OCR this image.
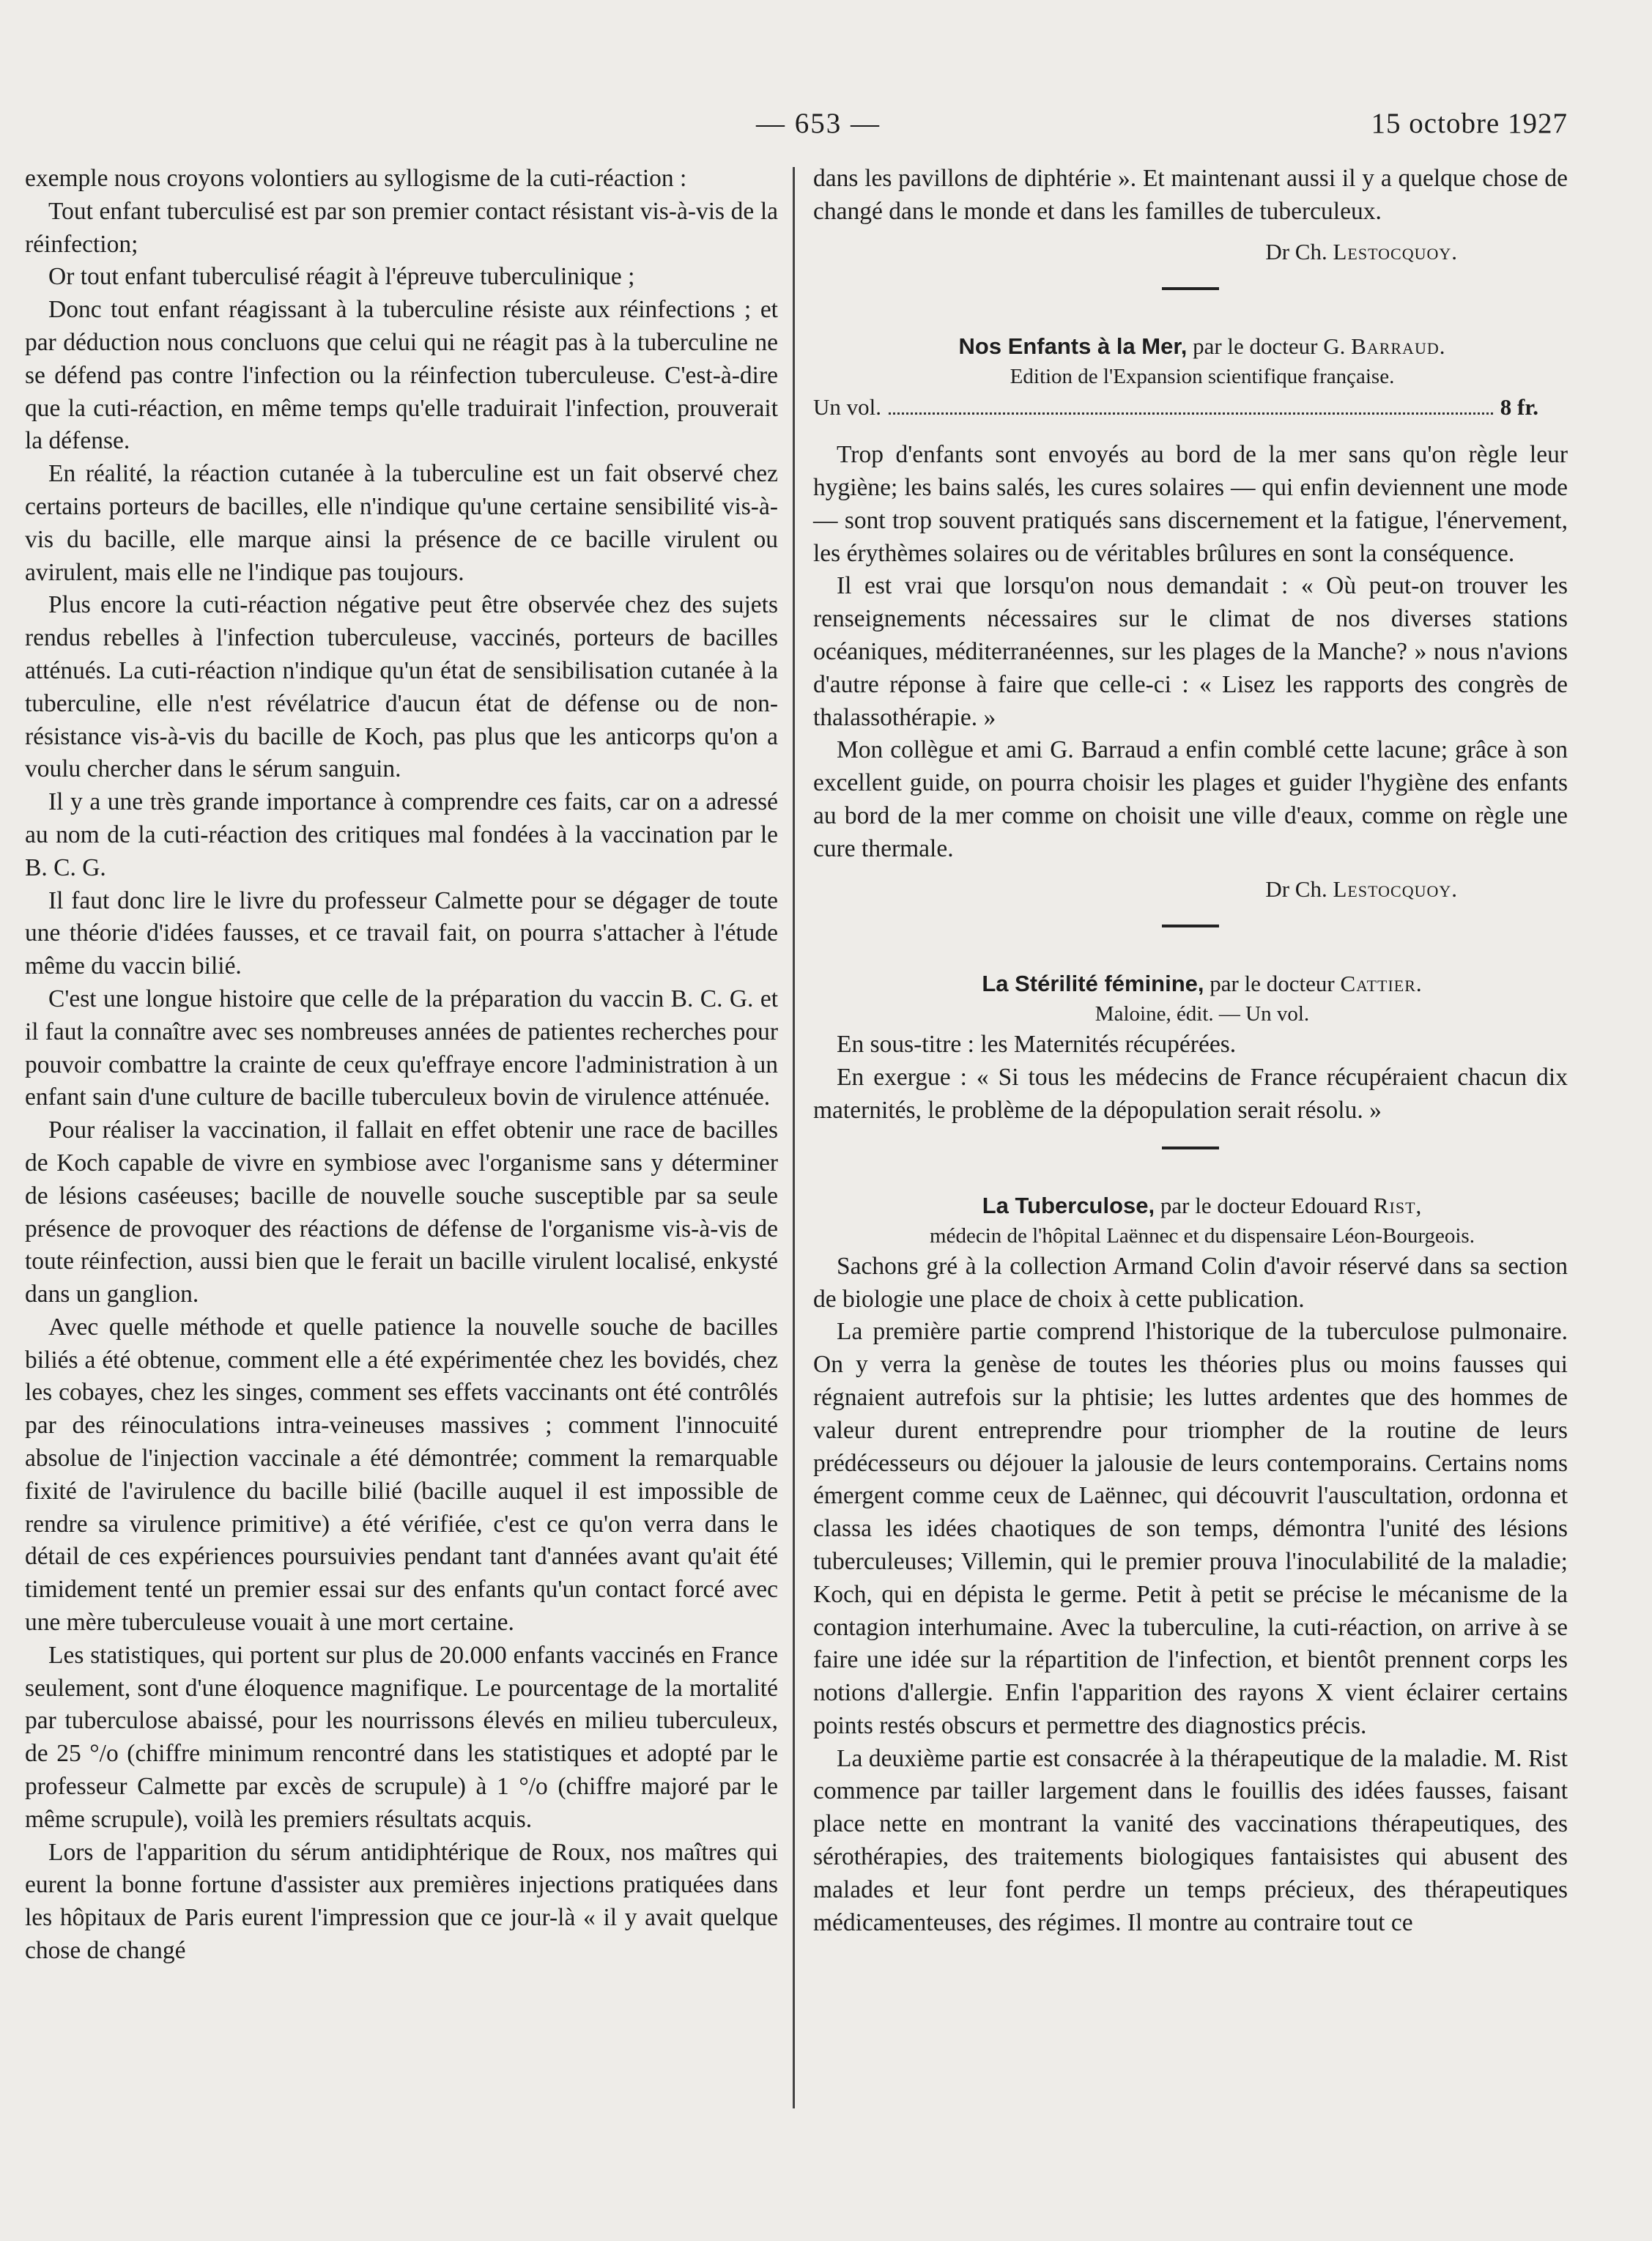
— 653 —	15 octobre 1927

exemple nous croyons volontiers au syllogisme de la cuti-réaction :

Tout enfant tuberculisé est par son premier contact résistant vis-à-vis de la réinfection;

Or tout enfant tuberculisé réagit à l'épreuve tuberculinique ;

Donc tout enfant réagissant à la tuberculine résiste aux réinfections ; et par déduction nous concluons que celui qui ne réagit pas à la tuberculine ne se défend pas contre l'infection ou la réinfection tuberculeuse. C'est-à-dire que la cuti-réaction, en même temps qu'elle traduirait l'infection, prouverait la défense.

En réalité, la réaction cutanée à la tuberculine est un fait observé chez certains porteurs de bacilles, elle n'indique qu'une certaine sensibilité vis-à-vis du bacille, elle marque ainsi la présence de ce bacille virulent ou avirulent, mais elle ne l'indique pas toujours.

Plus encore la cuti-réaction négative peut être observée chez des sujets rendus rebelles à l'infection tuberculeuse, vaccinés, porteurs de bacilles atténués. La cuti-réaction n'indique qu'un état de sensibilisation cutanée à la tuberculine, elle n'est révélatrice d'aucun état de défense ou de non-résistance vis-à-vis du bacille de Koch, pas plus que les anticorps qu'on a voulu chercher dans le sérum sanguin.

Il y a une très grande importance à comprendre ces faits, car on a adressé au nom de la cuti-réaction des critiques mal fondées à la vaccination par le B. C. G.

Il faut donc lire le livre du professeur Calmette pour se dégager de toute une théorie d'idées fausses, et ce travail fait, on pourra s'attacher à l'étude même du vaccin bilié.

C'est une longue histoire que celle de la préparation du vaccin B. C. G. et il faut la connaître avec ses nombreuses années de patientes recherches pour pouvoir combattre la crainte de ceux qu'effraye encore l'administration à un enfant sain d'une culture de bacille tuberculeux bovin de virulence atténuée.

Pour réaliser la vaccination, il fallait en effet obtenir une race de bacilles de Koch capable de vivre en symbiose avec l'organisme sans y déterminer de lésions caséeuses; bacille de nouvelle souche susceptible par sa seule présence de provoquer des réactions de défense de l'organisme vis-à-vis de toute réinfection, aussi bien que le ferait un bacille virulent localisé, enkysté dans un ganglion.

Avec quelle méthode et quelle patience la nouvelle souche de bacilles biliés a été obtenue, comment elle a été expérimentée chez les bovidés, chez les cobayes, chez les singes, comment ses effets vaccinants ont été contrôlés par des réinoculations intra-veineuses massives ; comment l'innocuité absolue de l'injection vaccinale a été démontrée; comment la remarquable fixité de l'avirulence du bacille bilié (bacille auquel il est impossible de rendre sa virulence primitive) a été vérifiée, c'est ce qu'on verra dans le détail de ces expériences poursuivies pendant tant d'années avant qu'ait été timidement tenté un premier essai sur des enfants qu'un contact forcé avec une mère tuberculeuse vouait à une mort certaine.

Les statistiques, qui portent sur plus de 20.000 enfants vaccinés en France seulement, sont d'une éloquence magnifique. Le pourcentage de la mortalité par tuberculose abaissé, pour les nourrissons élevés en milieu tuberculeux, de 25 °/o (chiffre minimum rencontré dans les statistiques et adopté par le professeur Calmette par excès de scrupule) à 1 °/o (chiffre majoré par le même scrupule), voilà les premiers résultats acquis.

Lors de l'apparition du sérum antidiphtérique de Roux, nos maîtres qui eurent la bonne fortune d'assister aux premières injections pratiquées dans les hôpitaux de Paris eurent l'impression que ce jour-là « il y avait quelque chose de changé

dans les pavillons de diphtérie ». Et maintenant aussi il y a quelque chose de changé dans le monde et dans les familles de tuberculeux.

Dr Ch. Lestocquoy.

Nos Enfants à la Mer, par le docteur G. Barraud.

Edition de l'Expansion scientifique française.

Un vol.	8 fr.

Trop d'enfants sont envoyés au bord de la mer sans qu'on règle leur hygiène; les bains salés, les cures solaires — qui enfin deviennent une mode — sont trop souvent pratiqués sans discernement et la fatigue, l'énervement, les érythèmes solaires ou de véritables brûlures en sont la conséquence.

Il est vrai que lorsqu'on nous demandait : « Où peut-on trouver les renseignements nécessaires sur le climat de nos diverses stations océaniques, méditerranéennes, sur les plages de la Manche? » nous n'avions d'autre réponse à faire que celle-ci : « Lisez les rapports des congrès de thalassothérapie. »

Mon collègue et ami G. Barraud a enfin comblé cette lacune; grâce à son excellent guide, on pourra choisir les plages et guider l'hygiène des enfants au bord de la mer comme on choisit une ville d'eaux, comme on règle une cure thermale.

Dr Ch. Lestocquoy.

La Stérilité féminine, par le docteur Cattier.

Maloine, édit. — Un vol.

En sous-titre : les Maternités récupérées.

En exergue : « Si tous les médecins de France récupéraient chacun dix maternités, le problème de la dépopulation serait résolu. »

La Tuberculose, par le docteur Edouard Rist,

médecin de l'hôpital Laënnec et du dispensaire Léon-Bourgeois.

Sachons gré à la collection Armand Colin d'avoir réservé dans sa section de biologie une place de choix à cette publication.

La première partie comprend l'historique de la tuberculose pulmonaire. On y verra la genèse de toutes les théories plus ou moins fausses qui régnaient autrefois sur la phtisie; les luttes ardentes que des hommes de valeur durent entreprendre pour triompher de la routine de leurs prédécesseurs ou déjouer la jalousie de leurs contemporains. Certains noms émergent comme ceux de Laënnec, qui découvrit l'auscultation, ordonna et classa les idées chaotiques de son temps, démontra l'unité des lésions tuberculeuses; Villemin, qui le premier prouva l'inoculabilité de la maladie; Koch, qui en dépista le germe. Petit à petit se précise le mécanisme de la contagion interhumaine. Avec la tuberculine, la cuti-réaction, on arrive à se faire une idée sur la répartition de l'infection, et bientôt prennent corps les notions d'allergie. Enfin l'apparition des rayons X vient éclairer certains points restés obscurs et permettre des diagnostics précis.

La deuxième partie est consacrée à la thérapeutique de la maladie. M. Rist commence par tailler largement dans le fouillis des idées fausses, faisant place nette en montrant la vanité des vaccinations thérapeutiques, des sérothérapies, des traitements biologiques fantaisistes qui abusent des malades et leur font perdre un temps précieux, des thérapeutiques médicamenteuses, des régimes. Il montre au contraire tout ce
